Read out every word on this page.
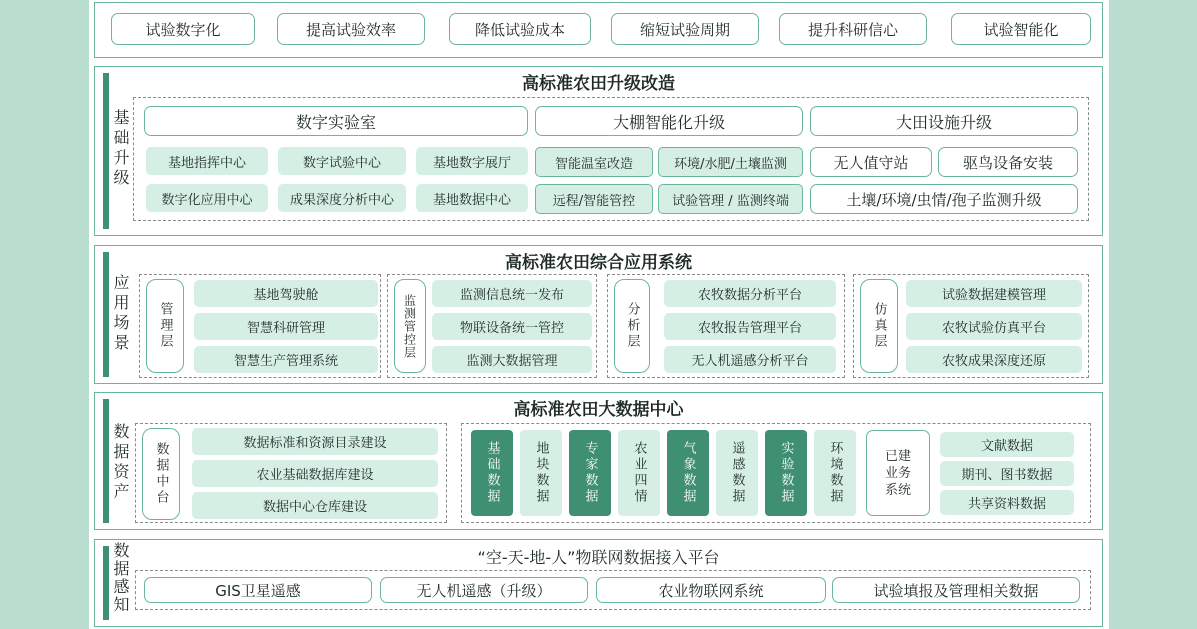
试验数字化	提高试验效率	降低试验成本	缩短试验周期	提升科研信心	试验智能化
基础升级
高标准农田升级改造
数字实验室
基地指挥中心	数字试验中心	基地数字展厅
数字化应用中心	成果深度分析中心	基地数据中心
大棚智能化升级
智能温室改造	环境/水肥/土壤监测
远程/智能管控	试验管理 / 监测终端
大田设施升级
无人值守站	驱鸟设备安装
土壤/环境/虫情/孢子监测升级
应用场景
高标准农田综合应用系统
管理层
基地驾驶舱
智慧科研管理
智慧生产管理系统
监测管控层	监测信息统一发布
物联设备统一管控
监测大数据管理
分析层
农牧数据分析平台
农牧报告管理平台
无人机遥感分析平台
仿真层
试验数据建模管理
农牧试验仿真平台
农牧成果深度还原
数据资产
高标准农田大数据中心
数据中台	数据标准和资源目录建设
农业基础数据库建设
数据中心仓库建设
基础数据	地块数据	专家数据	农业四情	气象数据	遥感数据	实验数据	环境数据	已建
业务
系统
文献数据
期刊、图书数据
共享资料数据
数据感知	“空-天-地-人”物联网数据接入平台
GIS卫星遥感	无人机遥感（升级）	农业物联网系统	试验填报及管理相关数据
